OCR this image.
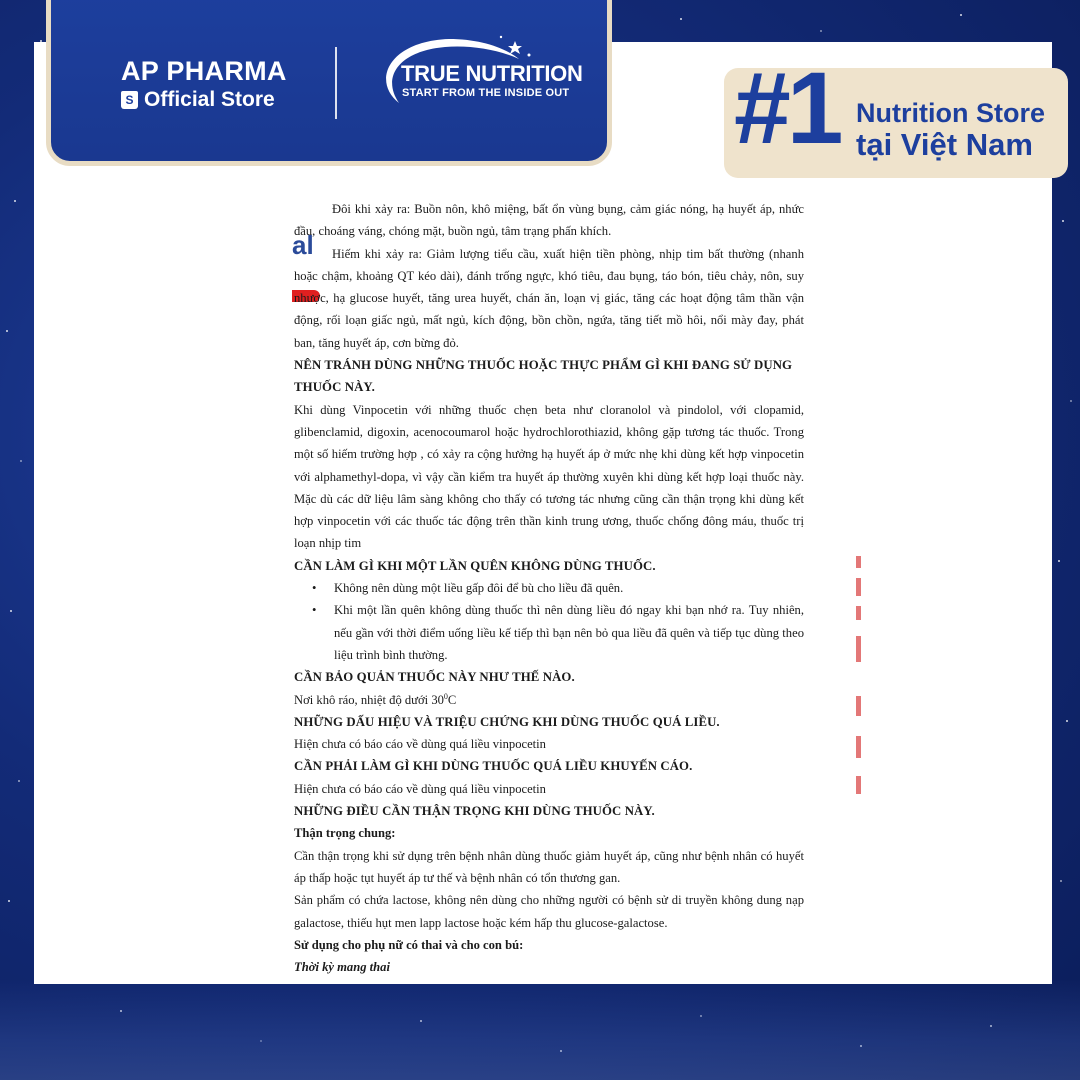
al

Đôi khi xảy ra: Buồn nôn, khô miệng, bất ổn vùng bụng, cảm giác nóng, hạ huyết áp, nhức đầu, choáng váng, chóng mặt, buồn ngủ, tâm trạng phấn khích.

Hiếm khi xảy ra: Giảm lượng tiểu cầu, xuất hiện tiền phòng, nhịp tim bất thường (nhanh hoặc chậm, khoảng QT kéo dài), đánh trống ngực, khó tiêu, đau bụng, táo bón, tiêu chảy, nôn, suy nhược, hạ glucose huyết, tăng urea huyết, chán ăn, loạn vị giác, tăng các hoạt động tâm thần vận động, rối loạn giấc ngủ, mất ngủ, kích động, bồn chồn, ngứa, tăng tiết mồ hôi, nổi mày đay, phát ban, tăng huyết áp, cơn bừng đỏ.

NÊN TRÁNH DÙNG NHỮNG THUỐC HOẶC THỰC PHẨM GÌ KHI ĐANG SỬ DỤNG THUỐC NÀY.

Khi dùng Vinpocetin với những thuốc chẹn beta như cloranolol và pindolol, với clopamid, glibenclamid, digoxin, acenocoumarol hoặc hydrochlorothiazid, không gặp tương tác thuốc. Trong một số hiếm trường hợp , có xảy ra cộng hưởng hạ huyết áp ở mức nhẹ khi dùng kết hợp vinpocetin với alphamethyl-dopa, vì vậy cần kiểm tra huyết áp thường xuyên khi dùng kết hợp loại thuốc này. Mặc dù các dữ liệu lâm sàng không cho thấy có tương tác nhưng cũng cần thận trọng khi dùng kết hợp vinpocetin với các thuốc tác động trên thần kinh trung ương, thuốc chống đông máu, thuốc trị loạn nhịp tim

CẦN LÀM GÌ KHI MỘT LẦN QUÊN KHÔNG DÙNG THUỐC.
• Không nên dùng một liều gấp đôi để bù cho liều đã quên.
• Khi một lần quên không dùng thuốc thì nên dùng liều đó ngay khi bạn nhớ ra. Tuy nhiên, nếu gần với thời điểm uống liều kế tiếp thì bạn nên bỏ qua liều đã quên và tiếp tục dùng theo liệu trình bình thường.
CẦN BẢO QUẢN THUỐC NÀY NHƯ THẾ NÀO.

Nơi khô ráo, nhiệt độ dưới $30^0C$

NHỮNG DẤU HIỆU VÀ TRIỆU CHỨNG KHI DÙNG THUỐC QUÁ LIỀU.

Hiện chưa có báo cáo về dùng quá liều vinpocetin

CẦN PHẢI LÀM GÌ KHI DÙNG THUỐC QUÁ LIỀU KHUYẾN CÁO.

Hiện chưa có báo cáo về dùng quá liều vinpocetin

NHỮNG ĐIỀU CẦN THẬN TRỌNG KHI DÙNG THUỐC NÀY.

Thận trọng chung:

Cần thận trọng khi sử dụng trên bệnh nhân dùng thuốc giảm huyết áp, cũng như bệnh nhân có huyết áp thấp hoặc tụt huyết áp tư thế và bệnh nhân có tổn thương gan.

Sản phẩm có chứa lactose, không nên dùng cho những người có bệnh sử di truyền không dung nạp galactose, thiếu hụt men lapp lactose hoặc kém hấp thu glucose-galactose.

Sử dụng cho phụ nữ có thai và cho con bú:

Thời kỳ mang thai

AP PHARMA
S
Official Store
TRUE NUTRITION
START FROM THE INSIDE OUT #1 Nutrition Store
tại Việt Nam
